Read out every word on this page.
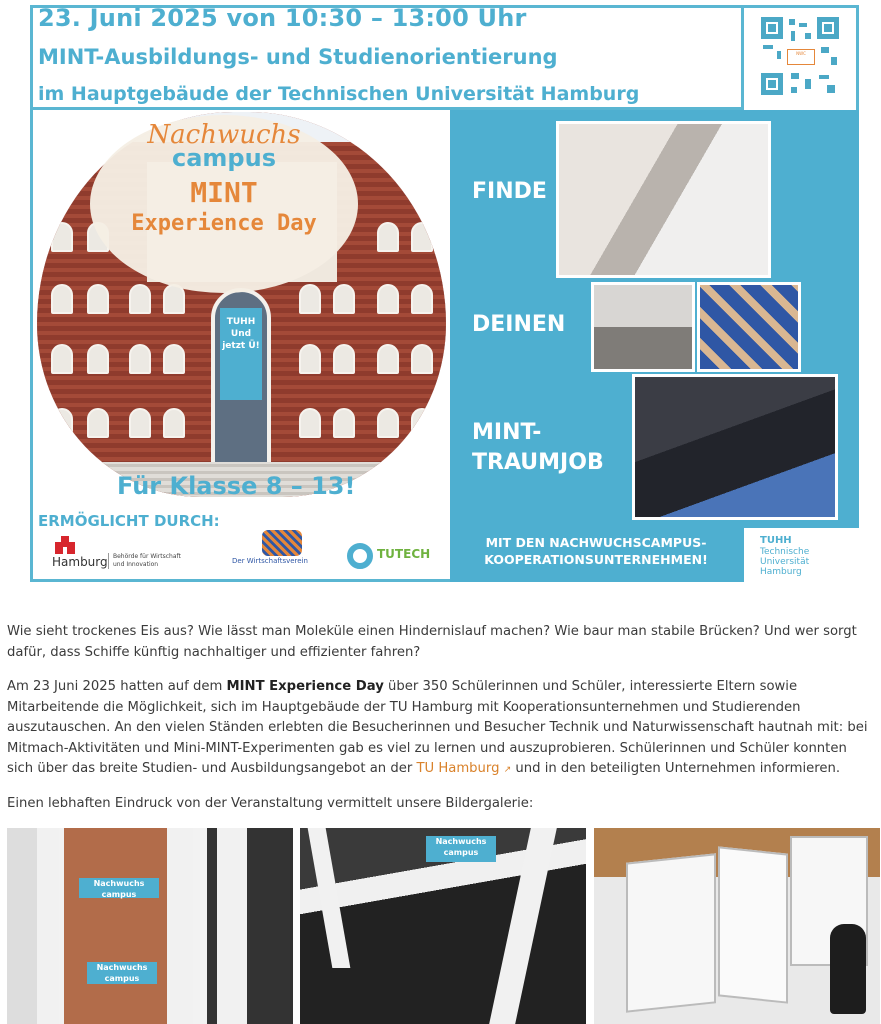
23. Juni 2025 von 10:30 – 13:00 Uhr
MINT-Ausbildungs- und Studienorientierung
im Hauptgebäude der Technischen Universität Hamburg
NWC
TUHH
Und jetzt Ü!
Nachwuchs
campus
MINT
Experience Day
Für Klasse 8 – 13!
FINDE
DEINEN
MINT-
TRAUMJOB
ERMÖGLICHT DURCH:
Hamburg Behörde für Wirtschaft und Innovation	Der Wirtschaftsverein	TUTECH
MIT DEN NACHWUCHSCAMPUS-
KOOPERATIONSUNTERNEHMEN!
TUHH
Technische Universität Hamburg

Wie sieht trockenes Eis aus? Wie lässt man Moleküle einen Hindernislauf machen? Wie baur man stabile Brücken? Und wer sorgt dafür, dass Schiffe künftig nachhaltiger und effizienter fahren?

Am 23 Juni 2025 hatten auf dem MINT Experience Day über 350 Schülerinnen und Schüler, interessierte Eltern sowie Mitarbeitende die Möglichkeit, sich im Hauptgebäude der TU Hamburg mit Kooperationsunternehmen und Studierenden auszutauschen. An den vielen Ständen erlebten die Besucherinnen und Besucher Technik und Naturwissenschaft hautnah mit: bei Mitmach-Aktivitäten und Mini-MINT-Experimenten gab es viel zu lernen und auszuprobieren. Schülerinnen und Schüler konnten sich über das breite Studien- und Ausbildungsangebot an der TU Hamburg ↗ und in den beteiligten Unternehmen informieren.

Einen lebhaften Eindruck von der Veranstaltung vermittelt unsere Bildergalerie:

Nachwuchs campus
Nachwuchs campus
Nachwuchs campus
